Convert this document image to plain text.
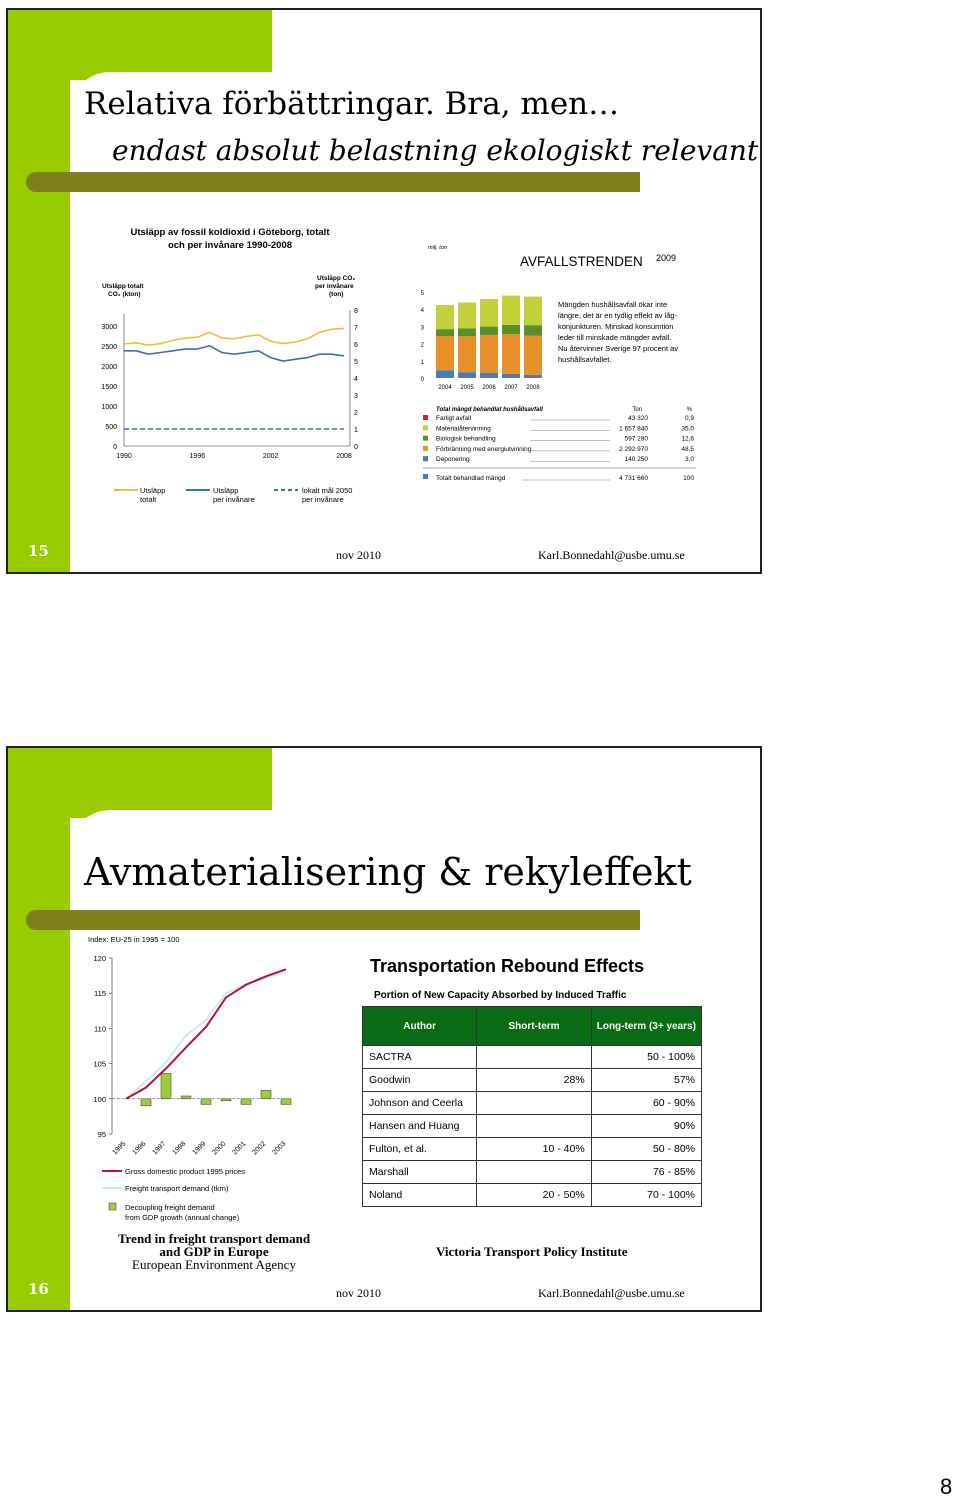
Relativa förbättringar. Bra, men…
endast absolut belastning ekologiskt relevant
Utsläpp av fossil koldioxid i Göteborg, totalt
och per invånare 1990-2008
Utsläpp totalt
CO₂ (kton)
Utsläpp CO₂
per invånare
(ton)
0
500
1000
1500
2000
2500
3000
0
1
2
3
4
5
6
7
8
1990	1996	2002	2008
Utsläpp
totalt
Utsläpp
per invånare
lokalt mål 2050
per invånare
milj. ton
AVFALLSTRENDEN 2009
0
1
2
3
4
5
2004 2005 2006 2007 2008
Mängden hushållsavfall ökar inte
längre, det är en tydlig effekt av låg-
konjunkturen. Minskad konsumtion
leder till minskade mängder avfall.
Nu återvinner Sverige 97 procent av
hushållsavfallet.
Total mängd behandlat hushållsavfall	Ton	%
Farligt avfall	43 320	0,9
Materialåtervinning	1 657 840	35,0
Biologisk behandling	597 280	12,6
Förbränning med energiutvinning	2 292 970	48,5
Deponering	140 250	3,0
Totalt behandlad mängd	4 731 660	100
15	nov 2010	Karl.Bonnedahl@usbe.umu.se
Avmaterialisering & rekyleffekt
Index: EU-25 in 1995 = 100
95
100
105
110
115
120
1995 1996 1997 1998 1999 2000 2001 2002 2003
Gross domestic product 1995 prices
Freight transport demand (tkm)
Decoupling freight demand
from GDP growth (annual change)
Trend in freight transport demand
and GDP in Europe
European Environment Agency
Transportation Rebound Effects
Portion of New Capacity Absorbed by Induced Traffic
Author	Short-term	Long-term (3+ years)
SACTRA		50 - 100%
Goodwin	28%	57%
Johnson and Ceerla		60 - 90%
Hansen and Huang		90%
Fulton, et al.	10 - 40%	50 - 80%
Marshall		76 - 85%
Noland	20 - 50%	70 - 100%
Victoria Transport Policy Institute
16	nov 2010	Karl.Bonnedahl@usbe.umu.se
8
